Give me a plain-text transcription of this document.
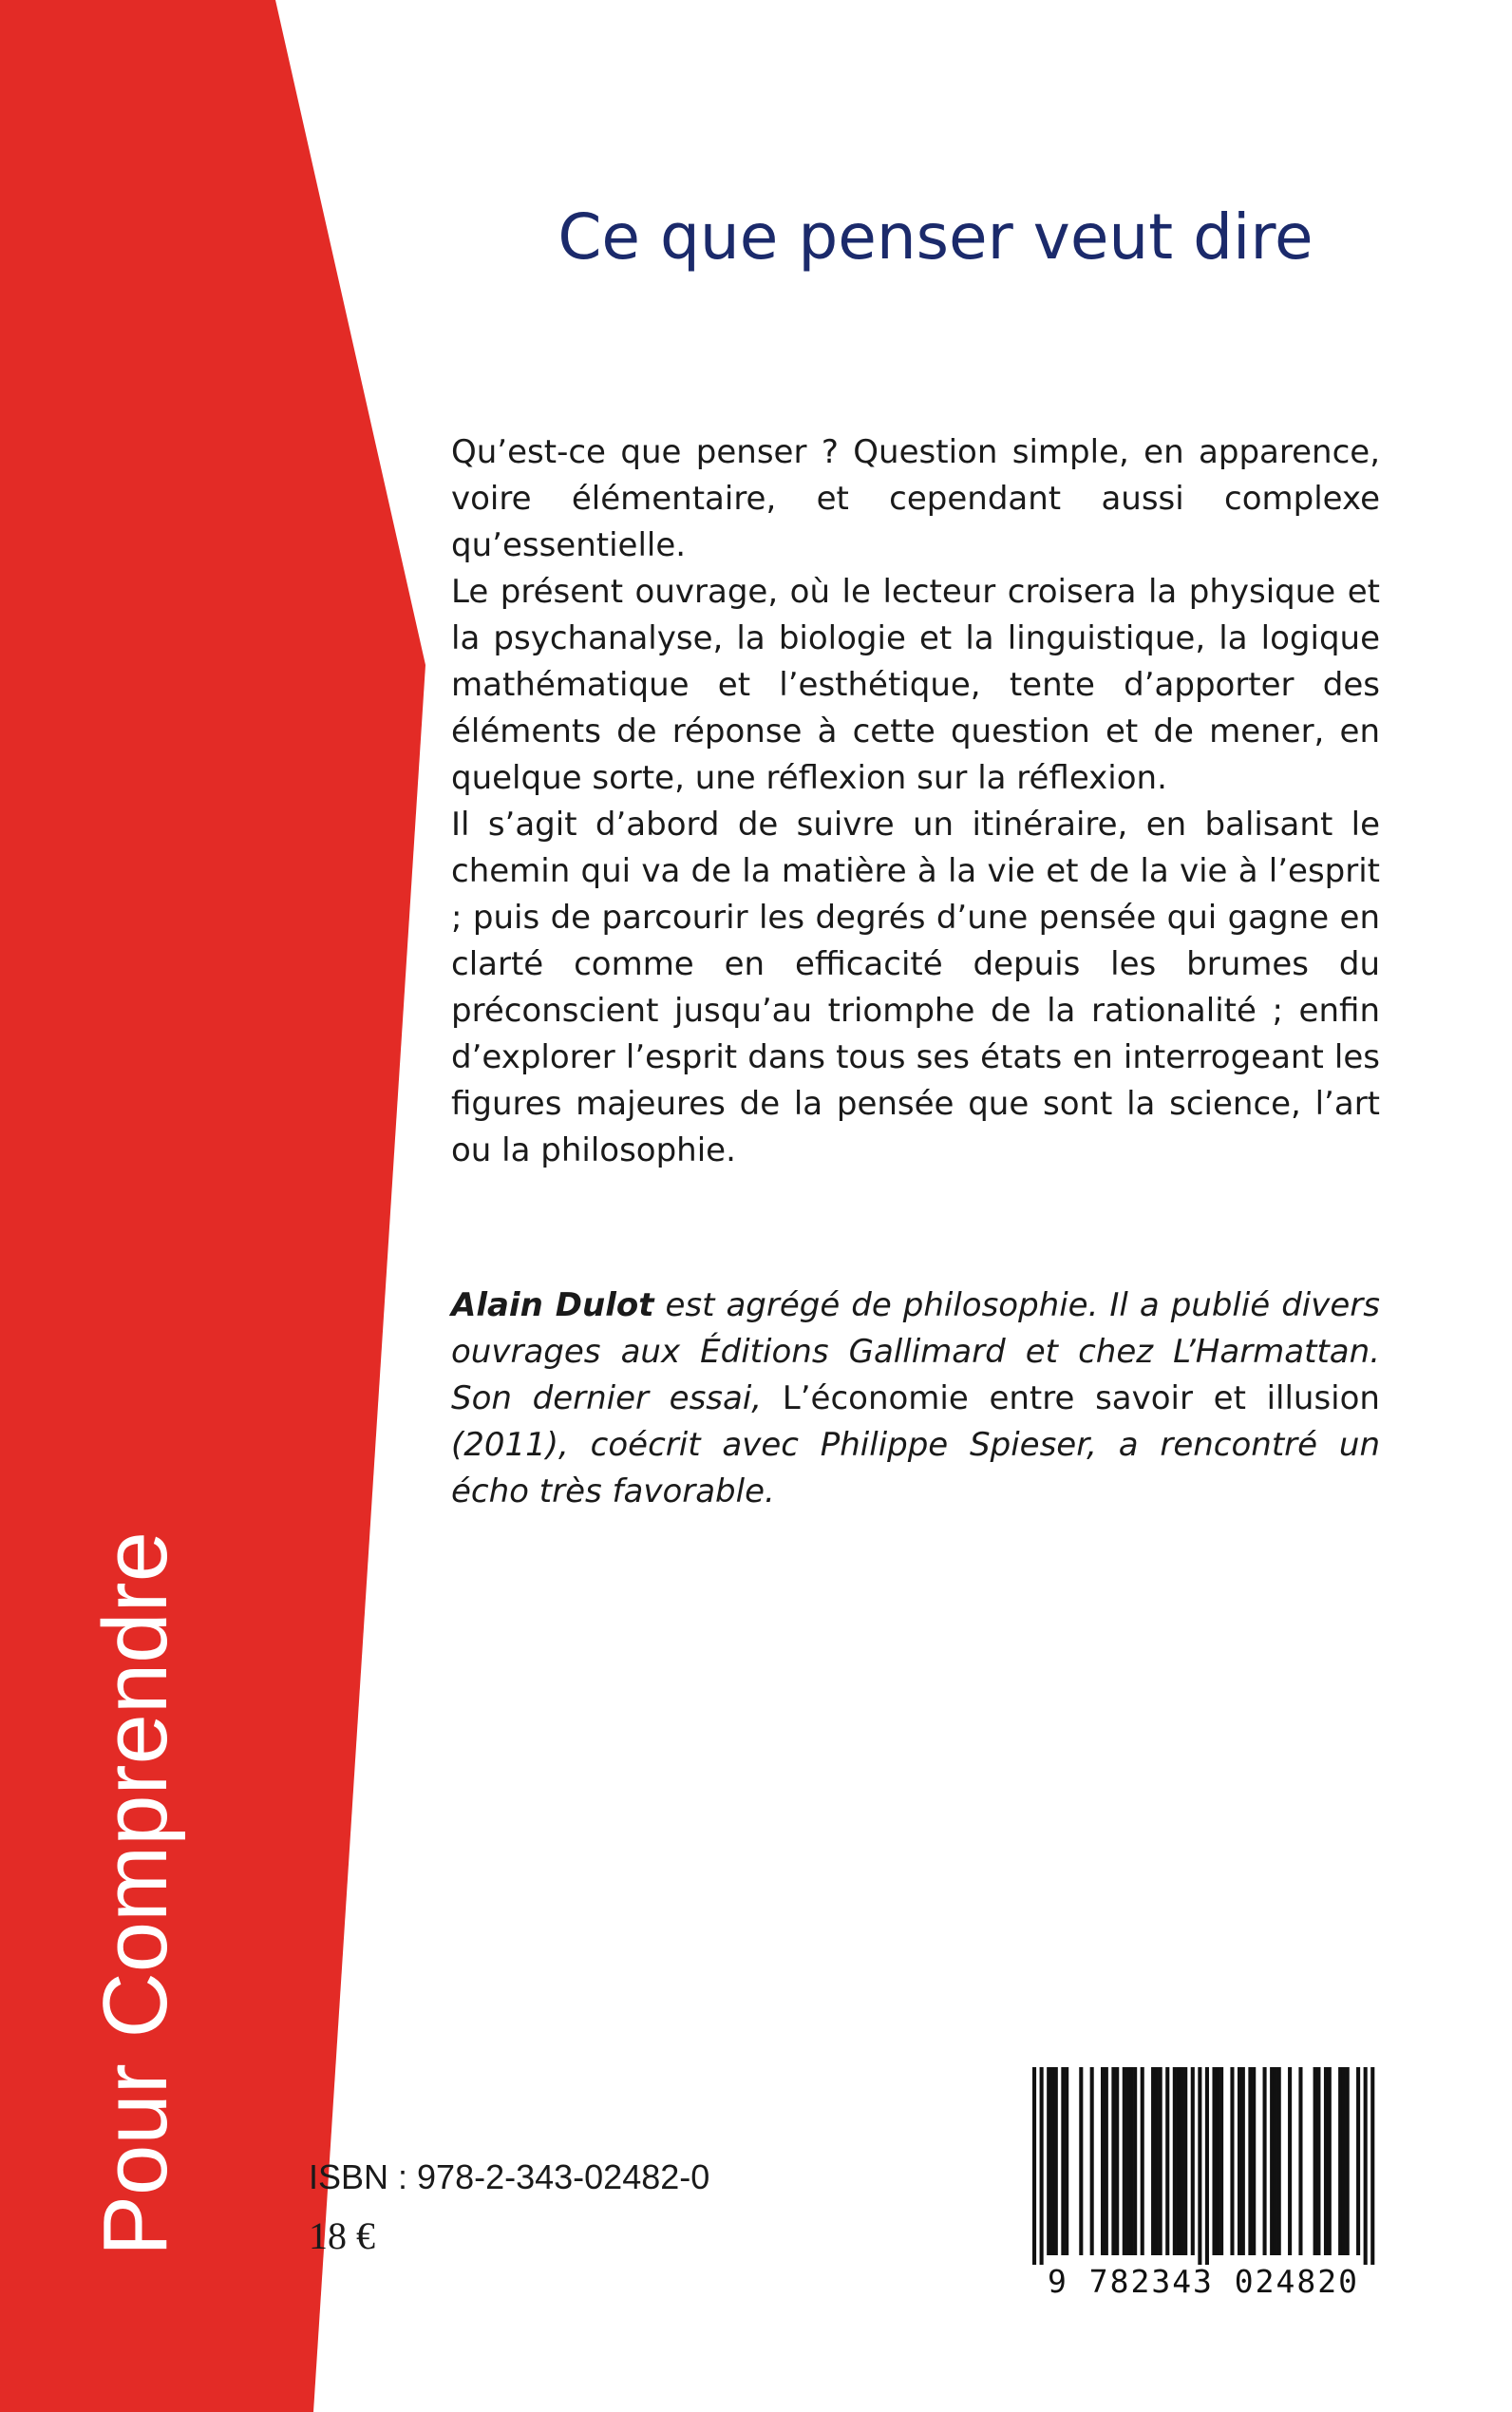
Pour Comprendre
Ce que penser veut dire

Qu’est-ce que penser ? Question simple, en apparence, voire élémentaire, et cependant aussi complexe qu’essentielle.

Le présent ouvrage, où le lecteur croisera la physique et la psychanalyse, la biologie et la linguistique, la logique mathématique et l’esthétique, tente d’apporter des éléments de réponse à cette question et de mener, en quelque sorte, une réflexion sur la réflexion.

Il s’agit d’abord de suivre un itinéraire, en balisant le chemin qui va de la matière à la vie et de la vie à l’esprit ; puis de parcourir les degrés d’une pensée qui gagne en clarté comme en efficacité depuis les brumes du préconscient jusqu’au triomphe de la rationalité ; enfin d’explorer l’esprit dans tous ses états en interrogeant les figures majeures de la pensée que sont la science, l’art ou la philosophie.

Alain Dulot est agrégé de philosophie. Il a publié divers ouvrages aux Éditions Gallimard et chez L’Harmattan. Son dernier essai, L’économie entre savoir et illusion (2011), coécrit avec Philippe Spieser, a rencontré un écho très favorable.

ISBN : 978-2-343-02482-0
18 €
9 782343 024820
